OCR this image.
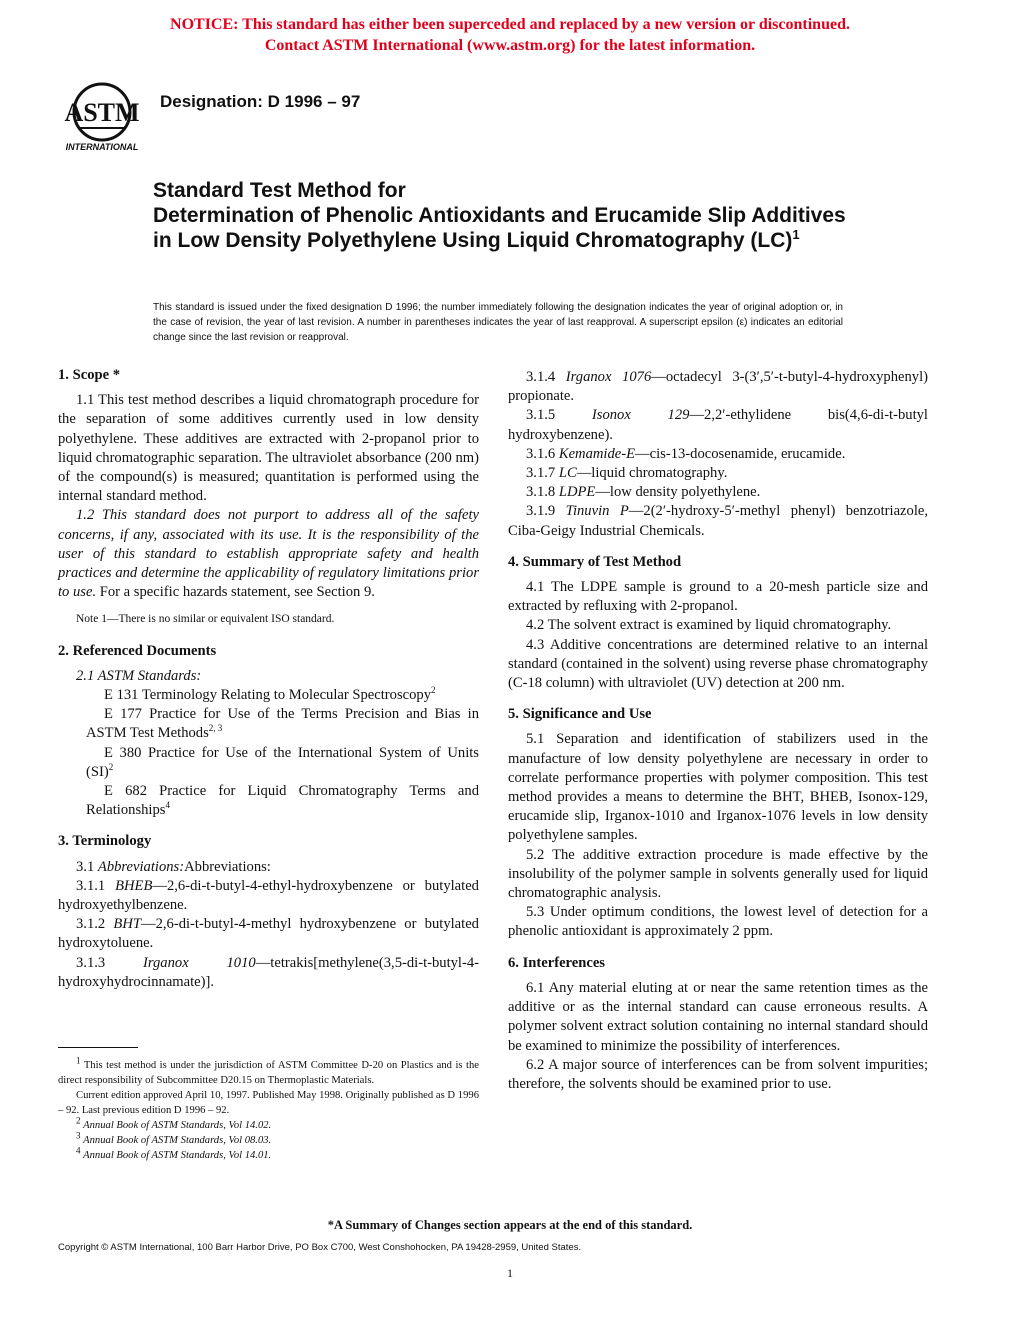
NOTICE: This standard has either been superceded and replaced by a new version or discontinued.
Contact ASTM International (www.astm.org) for the latest information.
ASTM
INTERNATIONAL
Designation: D 1996 – 97
Standard Test Method for
Determination of Phenolic Antioxidants and Erucamide Slip Additives in Low Density Polyethylene Using Liquid Chromatography (LC)$^1$
This standard is issued under the fixed designation D 1996; the number immediately following the designation indicates the year of original adoption or, in the case of revision, the year of last revision. A number in parentheses indicates the year of last reapproval. A superscript epsilon (ε) indicates an editorial change since the last revision or reapproval.
1. Scope *

1.1 This test method describes a liquid chromatograph procedure for the separation of some additives currently used in low density polyethylene. These additives are extracted with 2-propanol prior to liquid chromatographic separation. The ultraviolet absorbance (200 nm) of the compound(s) is measured; quantitation is performed using the internal standard method.

1.2 This standard does not purport to address all of the safety concerns, if any, associated with its use. It is the responsibility of the user of this standard to establish appropriate safety and health practices and determine the applicability of regulatory limitations prior to use. For a specific hazards statement, see Section 9.

Note 1—There is no similar or equivalent ISO standard.
2. Referenced Documents

2.1 ASTM Standards:

E 131 Terminology Relating to Molecular Spectroscopy$^2$

E 177 Practice for Use of the Terms Precision and Bias in ASTM Test Methods$^{2, 3}$

E 380 Practice for Use of the International System of Units (SI)$^2$

E 682 Practice for Liquid Chromatography Terms and Relationships$^4$

3. Terminology

3.1 Abbreviations:Abbreviations:

3.1.1 BHEB—2,6-di-t-butyl-4-ethyl-hydroxybenzene or butylated hydroxyethylbenzene.

3.1.2 BHT—2,6-di-t-butyl-4-methyl hydroxybenzene or butylated hydroxytoluene.

3.1.3	Irganox 1010—tetrakis[methylene(3,5-di-t-butyl-4-hydroxyhydrocinnamate)].

$^1$ This test method is under the jurisdiction of ASTM Committee D-20 on Plastics and is the direct responsibility of Subcommittee D20.15 on Thermoplastic Materials.

Current edition approved April 10, 1997. Published May 1998. Originally published as D 1996 – 92. Last previous edition D 1996 – 92.

$^2$ Annual Book of ASTM Standards, Vol 14.02.

$^3$ Annual Book of ASTM Standards, Vol 08.03.

$^4$ Annual Book of ASTM Standards, Vol 14.01.

3.1.4 Irganox 1076—octadecyl 3-(3′,5′-t-butyl-4-hydroxyphenyl) propionate.

3.1.5	Isonox 129—2,2′-ethylidene bis(4,6-di-t-butyl hydroxybenzene).

3.1.6 Kemamide-E—cis-13-docosenamide, erucamide.

3.1.7 LC—liquid chromatography.

3.1.8 LDPE—low density polyethylene.

3.1.9 Tinuvin P—2(2′-hydroxy-5′-methyl phenyl) benzotriazole, Ciba-Geigy Industrial Chemicals.

4. Summary of Test Method

4.1 The LDPE sample is ground to a 20-mesh particle size and extracted by refluxing with 2-propanol.

4.2 The solvent extract is examined by liquid chromatography.

4.3 Additive concentrations are determined relative to an internal standard (contained in the solvent) using reverse phase chromatography (C-18 column) with ultraviolet (UV) detection at 200 nm.

5. Significance and Use

5.1 Separation and identification of stabilizers used in the manufacture of low density polyethylene are necessary in order to correlate performance properties with polymer composition. This test method provides a means to determine the BHT, BHEB, Isonox-129, erucamide slip, Irganox-1010 and Irganox-1076 levels in low density polyethylene samples.

5.2 The additive extraction procedure is made effective by the insolubility of the polymer sample in solvents generally used for liquid chromatographic analysis.

5.3 Under optimum conditions, the lowest level of detection for a phenolic antioxidant is approximately 2 ppm.

6. Interferences

6.1 Any material eluting at or near the same retention times as the additive or as the internal standard can cause erroneous results. A polymer solvent extract solution containing no internal standard should be examined to minimize the possibility of interferences.

6.2 A major source of interferences can be from solvent impurities; therefore, the solvents should be examined prior to use.

*A Summary of Changes section appears at the end of this standard.
Copyright © ASTM International, 100 Barr Harbor Drive, PO Box C700, West Conshohocken, PA 19428-2959, United States.
1
